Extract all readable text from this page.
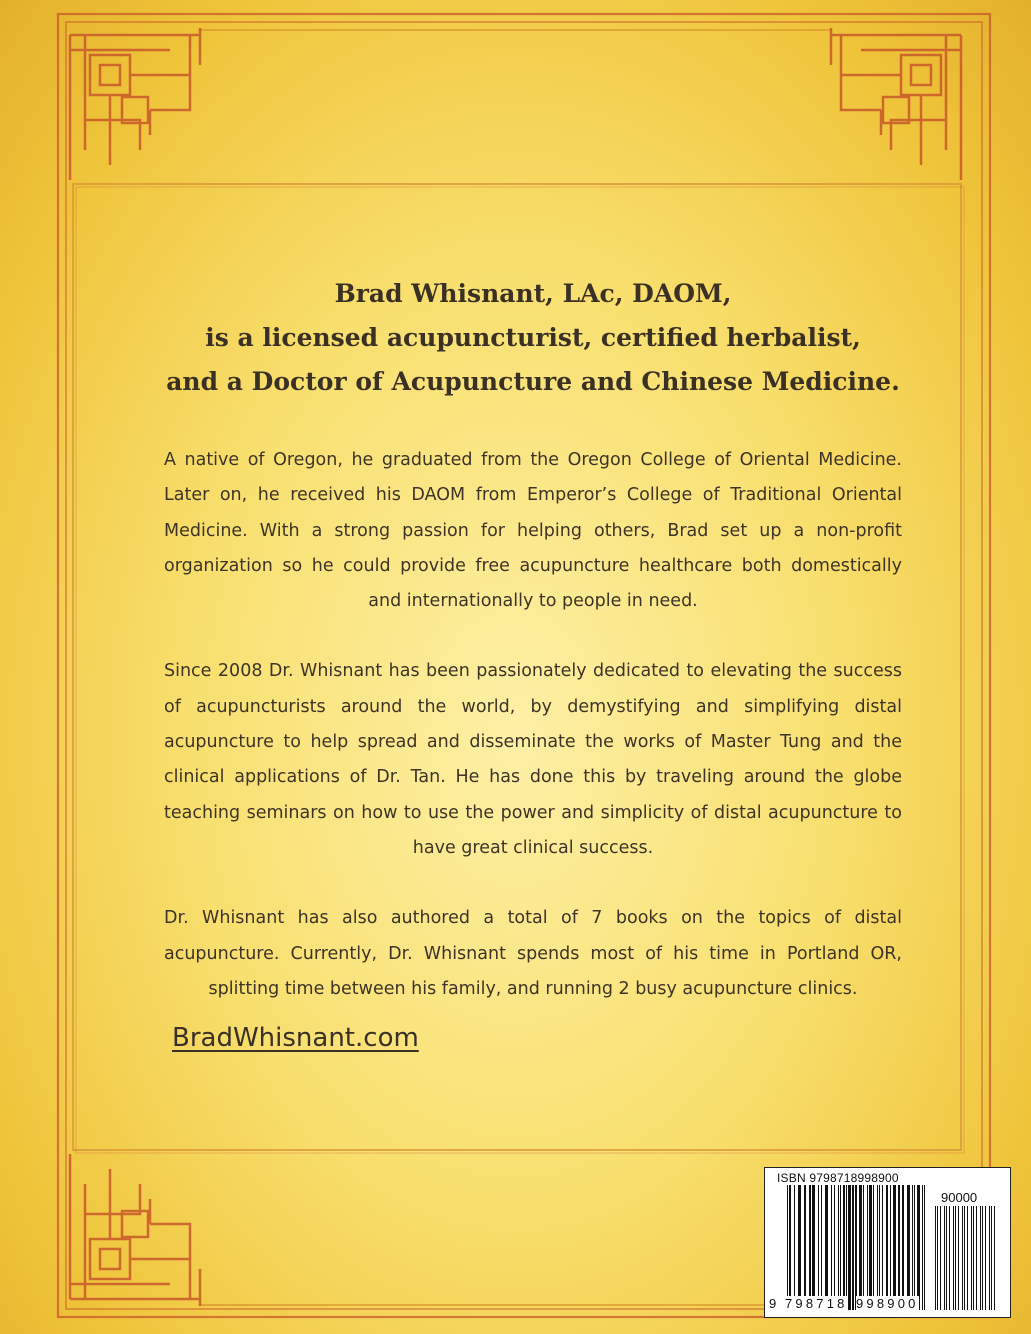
Brad Whisnant, LAc, DAOM,

is a licensed acupuncturist, certified herbalist,

and a Doctor of Acupuncture and Chinese Medicine.

A native of Oregon, he graduated from the Oregon College of Oriental Medicine. Later on, he received his DAOM from Emperor’s College of Traditional Oriental Medicine. With a strong passion for helping others, Brad set up a non-profit organization so he could provide free acupuncture healthcare both domestically and internationally to people in need.

Since 2008 Dr. Whisnant has been passionately dedicated to elevating the success of acupuncturists around the world, by demystifying and simplifying distal acupuncture to help spread and disseminate the works of Master Tung and the clinical applications of Dr. Tan. He has done this by traveling around the globe teaching seminars on how to use the power and simplicity of distal acupuncture to have great clinical success.

Dr. Whisnant has also authored a total of 7 books on the topics of distal acupuncture. Currently, Dr. Whisnant spends most of his time in Portland OR, splitting time between his family, and running 2 busy acupuncture clinics.

BradWhisnant.com
ISBN 9798718998900
90000
9 798718 998900
